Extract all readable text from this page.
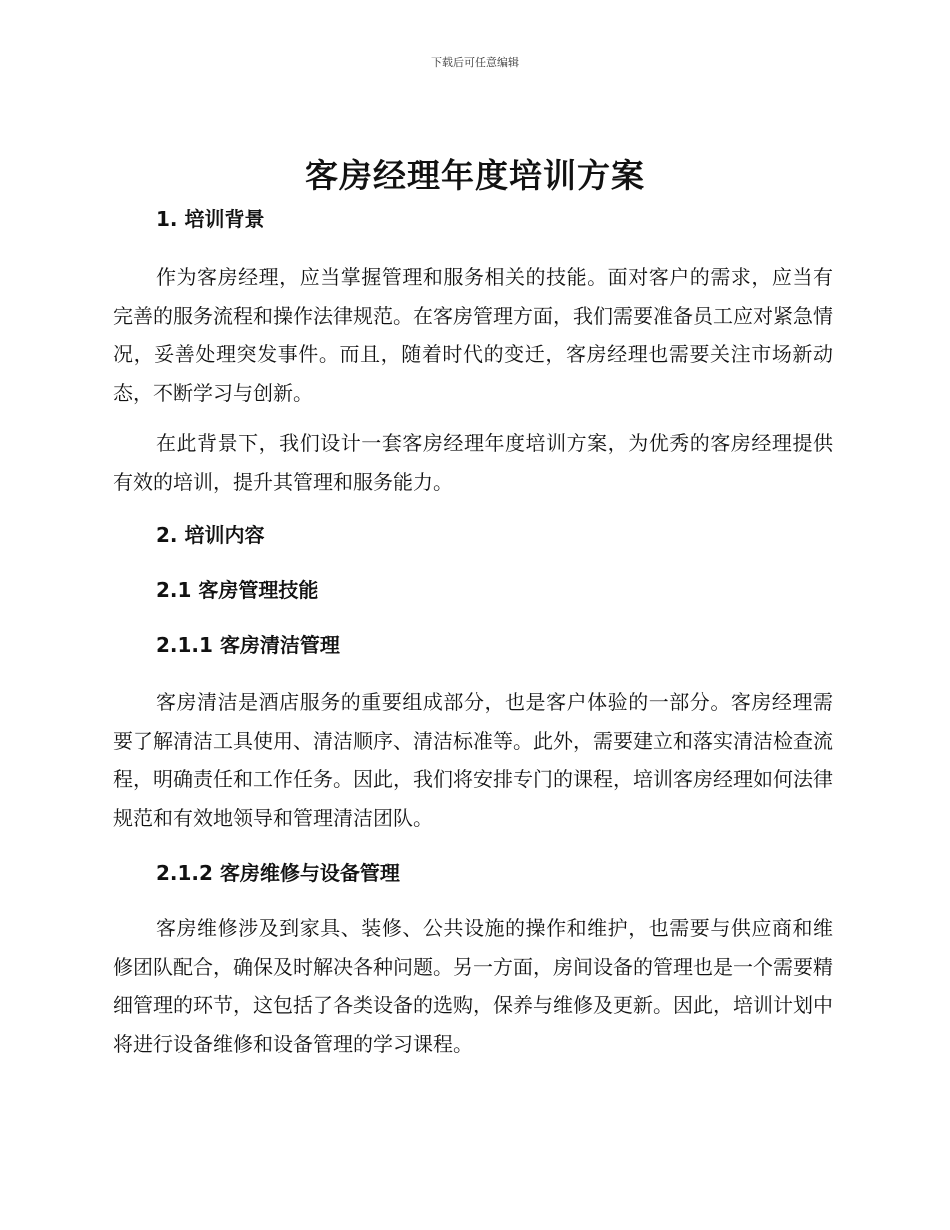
下载后可任意编辑
客房经理年度培训方案

1. 培训背景

作为客房经理，应当掌握管理和服务相关的技能。面对客户的需求，应当有完善的服务流程和操作法律规范。在客房管理方面，我们需要准备员工应对紧急情况，妥善处理突发事件。而且，随着时代的变迁，客房经理也需要关注市场新动态，不断学习与创新。

在此背景下，我们设计一套客房经理年度培训方案，为优秀的客房经理提供有效的培训，提升其管理和服务能力。

2. 培训内容

2.1 客房管理技能

2.1.1 客房清洁管理

客房清洁是酒店服务的重要组成部分，也是客户体验的一部分。客房经理需要了解清洁工具使用、清洁顺序、清洁标准等。此外，需要建立和落实清洁检查流程，明确责任和工作任务。因此，我们将安排专门的课程，培训客房经理如何法律规范和有效地领导和管理清洁团队。

2.1.2 客房维修与设备管理

客房维修涉及到家具、装修、公共设施的操作和维护，也需要与供应商和维修团队配合，确保及时解决各种问题。另一方面，房间设备的管理也是一个需要精细管理的环节，这包括了各类设备的选购，保养与维修及更新。因此，培训计划中将进行设备维修和设备管理的学习课程。
